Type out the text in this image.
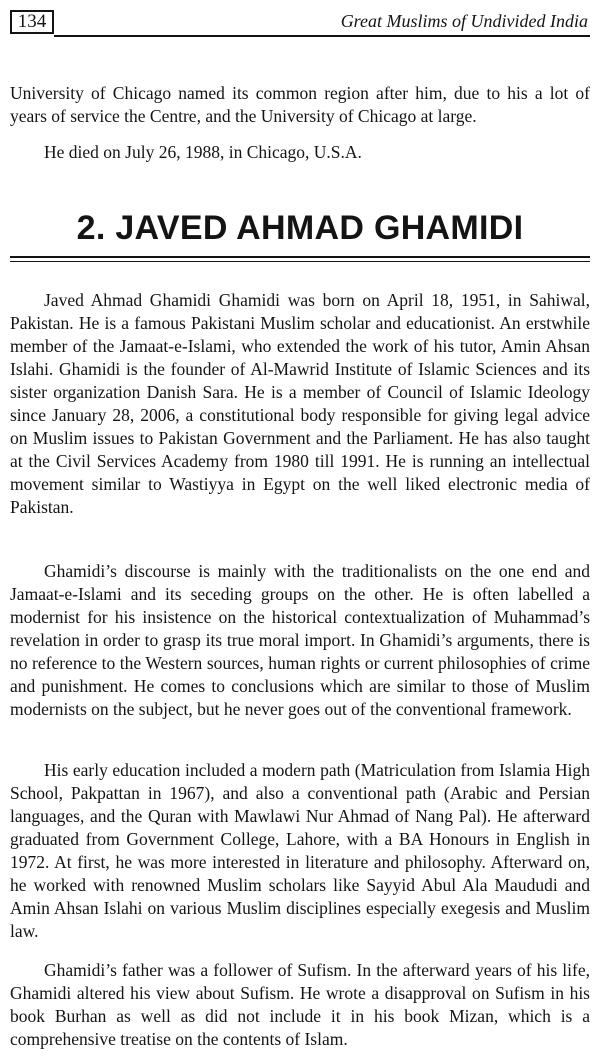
134	Great Muslims of Undivided India

University of Chicago named its common region after him, due to his a lot of years of service the Centre, and the University of Chicago at large.

He died on July 26, 1988, in Chicago, U.S.A.

2. JAVED AHMAD GHAMIDI

Javed Ahmad Ghamidi Ghamidi was born on April 18, 1951, in Sahiwal, Pakistan. He is a famous Pakistani Muslim scholar and educationist. An erstwhile member of the Jamaat-e-Islami, who extended the work of his tutor, Amin Ahsan Islahi. Ghamidi is the founder of Al-Mawrid Institute of Islamic Sciences and its sister organization Danish Sara. He is a member of Council of Islamic Ideology since January 28, 2006, a constitutional body responsible for giving legal advice on Muslim issues to Pakistan Government and the Parliament. He has also taught at the Civil Services Academy from 1980 till 1991. He is running an intellectual movement similar to Wastiyya in Egypt on the well liked electronic media of Pakistan.

Ghamidi’s discourse is mainly with the traditionalists on the one end and Jamaat-e-Islami and its seceding groups on the other. He is often labelled a modernist for his insistence on the historical contextualization of Muhammad’s revelation in order to grasp its true moral import. In Ghamidi’s arguments, there is no reference to the Western sources, human rights or current philosophies of crime and punishment. He comes to conclusions which are similar to those of Muslim modernists on the subject, but he never goes out of the conventional framework.

His early education included a modern path (Matriculation from Islamia High School, Pakpattan in 1967), and also a conventional path (Arabic and Persian languages, and the Quran with Mawlawi Nur Ahmad of Nang Pal). He afterward graduated from Government College, Lahore, with a BA Honours in English in 1972. At first, he was more interested in literature and philosophy. Afterward on, he worked with renowned Muslim scholars like Sayyid Abul Ala Maududi and Amin Ahsan Islahi on various Muslim disciplines especially exegesis and Muslim law.

Ghamidi’s father was a follower of Sufism. In the afterward years of his life, Ghamidi altered his view about Sufism. He wrote a disapproval on Sufism in his book Burhan as well as did not include it in his book Mizan, which is a comprehensive treatise on the contents of Islam.
